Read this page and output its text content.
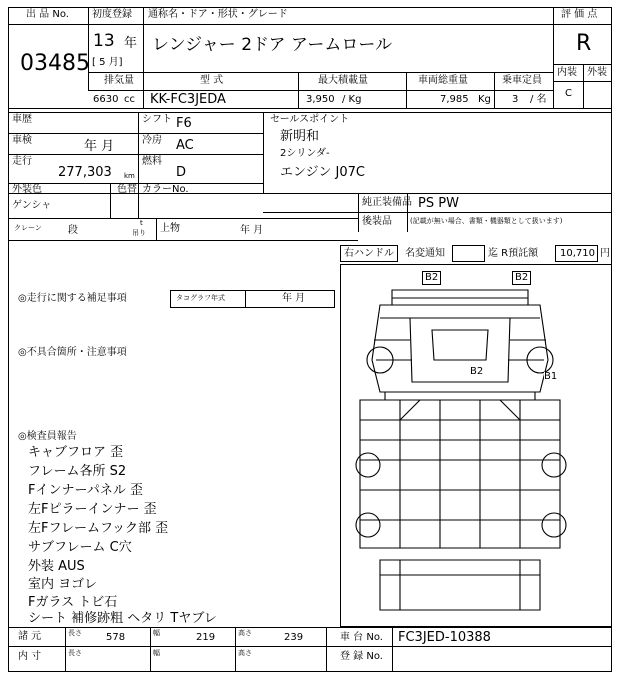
出 品 No.
03485
初度登録
13 年
[ 5 月]
通称名・ドア・形状・グレード
レンジャー 2ドア アームロール
評 価 点
R
内装 外装
C
排気量
6630 cc
型 式
KK-FC3JEDA
最大積載量
3,950 / Kg
車両総重量
7,985 Kg
乗車定員
3 / 名
車歴	シフト F6
車検	年 月	冷房 AC
走行
277,303 km
燃料
D
外装色
ゲンシャ
色替 カラーNo.
セールスポイント
新明和
2シリンダ-
エンジン J07C
純正装備品 PS PW
後装品	(記載が無い場合、書類・機器類として扱います)
クレーン	段
t
吊り 上物	年 月
右ハンドル 名変通知	迄 R預託額 10,710 円
◎走行に関する補足事項	タコグラフ年式	年 月
◎不具合箇所・注意事項
◎検査員報告
キャブフロア 歪
フレーム各所 S2
Fインナーパネル 歪
左Fピラーインナー 歪
左Fフレームフック部 歪
サブフレーム C穴
外装 AUS
室内 ヨゴレ
Fガラス トビ石
シート 補修跡粗 ヘタリ Tヤブレ
B2	B2
B2	B1
諸 元	長さ 578	幅	219	高さ	239	車 台 No. FC3JED-10388
内 寸	長さ	幅	高さ	登 録 No.
